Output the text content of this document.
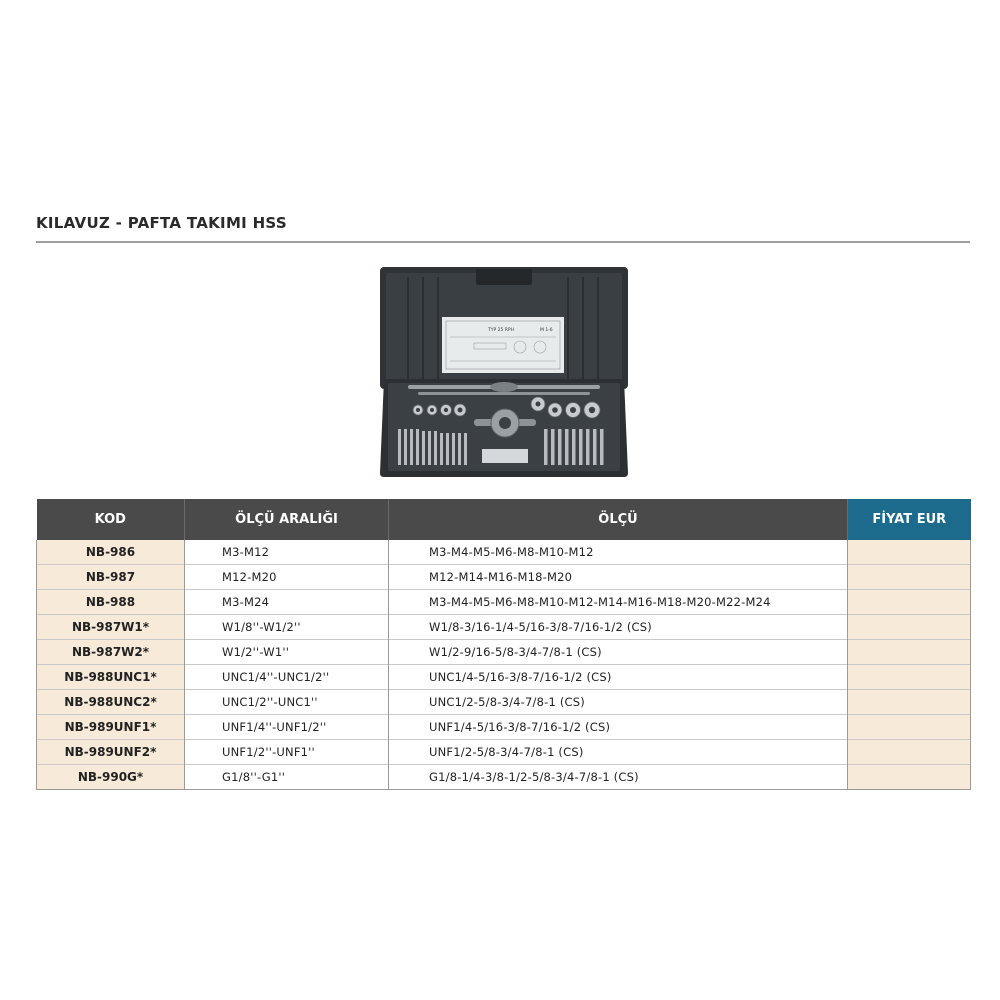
KILAVUZ - PAFTA TAKIMI HSS
TYP 25 RPH	M 1-6
KOD	ÖLÇÜ ARALIĞI	ÖLÇÜ	FİYAT EUR
NB-986	M3-M12	M3-M4-M5-M6-M8-M10-M12	
NB-987	M12-M20	M12-M14-M16-M18-M20	
NB-988	M3-M24	M3-M4-M5-M6-M8-M10-M12-M14-M16-M18-M20-M22-M24	
NB-987W1*	W1/8''-W1/2''	W1/8-3/16-1/4-5/16-3/8-7/16-1/2 (CS)	
NB-987W2*	W1/2''-W1''	W1/2-9/16-5/8-3/4-7/8-1 (CS)	
NB-988UNC1*	UNC1/4''-UNC1/2''	UNC1/4-5/16-3/8-7/16-1/2 (CS)	
NB-988UNC2*	UNC1/2''-UNC1''	UNC1/2-5/8-3/4-7/8-1 (CS)	
NB-989UNF1*	UNF1/4''-UNF1/2''	UNF1/4-5/16-3/8-7/16-1/2 (CS)	
NB-989UNF2*	UNF1/2''-UNF1''	UNF1/2-5/8-3/4-7/8-1 (CS)	
NB-990G*	G1/8''-G1''	G1/8-1/4-3/8-1/2-5/8-3/4-7/8-1 (CS)	
